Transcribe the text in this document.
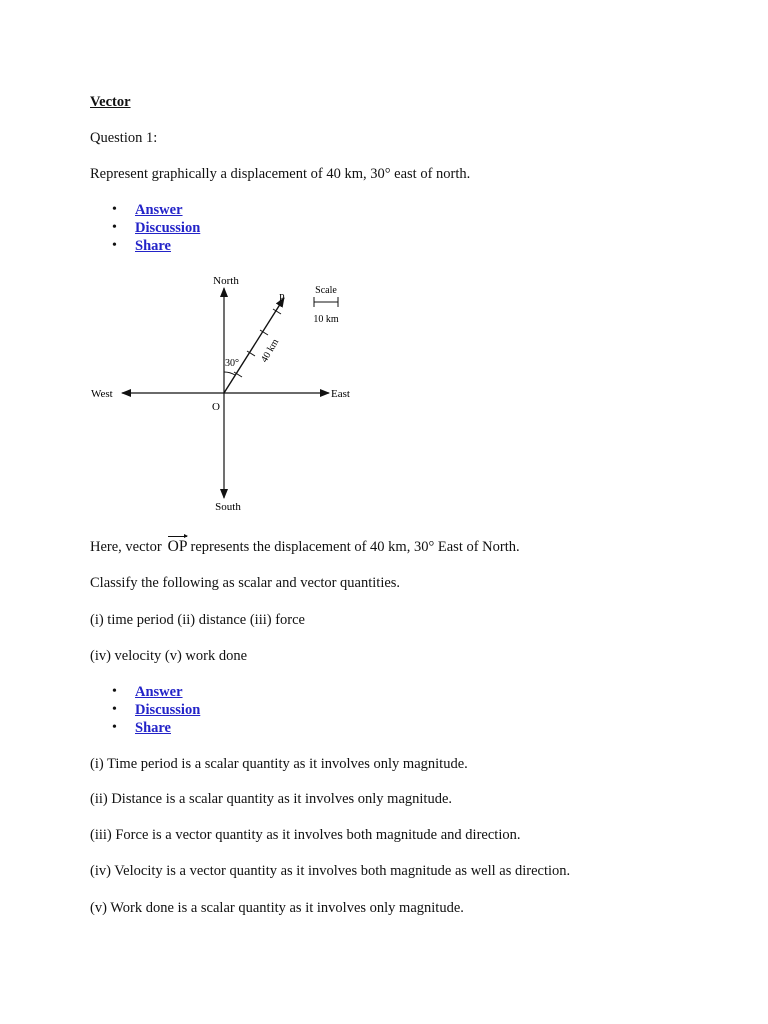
Vector
Question 1:
Represent graphically a displacement of 40 km, 30° east of north.
• Answer
• Discussion
• Share
North
South
East
West
O
P
30° 40 km
Scale
10 km
Here, vector OP represents the displacement of 40 km, 30° East of North.
Classify the following as scalar and vector quantities.
(i) time period (ii) distance (iii) force
(iv) velocity (v) work done
• Answer
• Discussion
• Share
(i) Time period is a scalar quantity as it involves only magnitude.
(ii) Distance is a scalar quantity as it involves only magnitude.
(iii) Force is a vector quantity as it involves both magnitude and direction.
(iv) Velocity is a vector quantity as it involves both magnitude as well as direction.
(v) Work done is a scalar quantity as it involves only magnitude.
